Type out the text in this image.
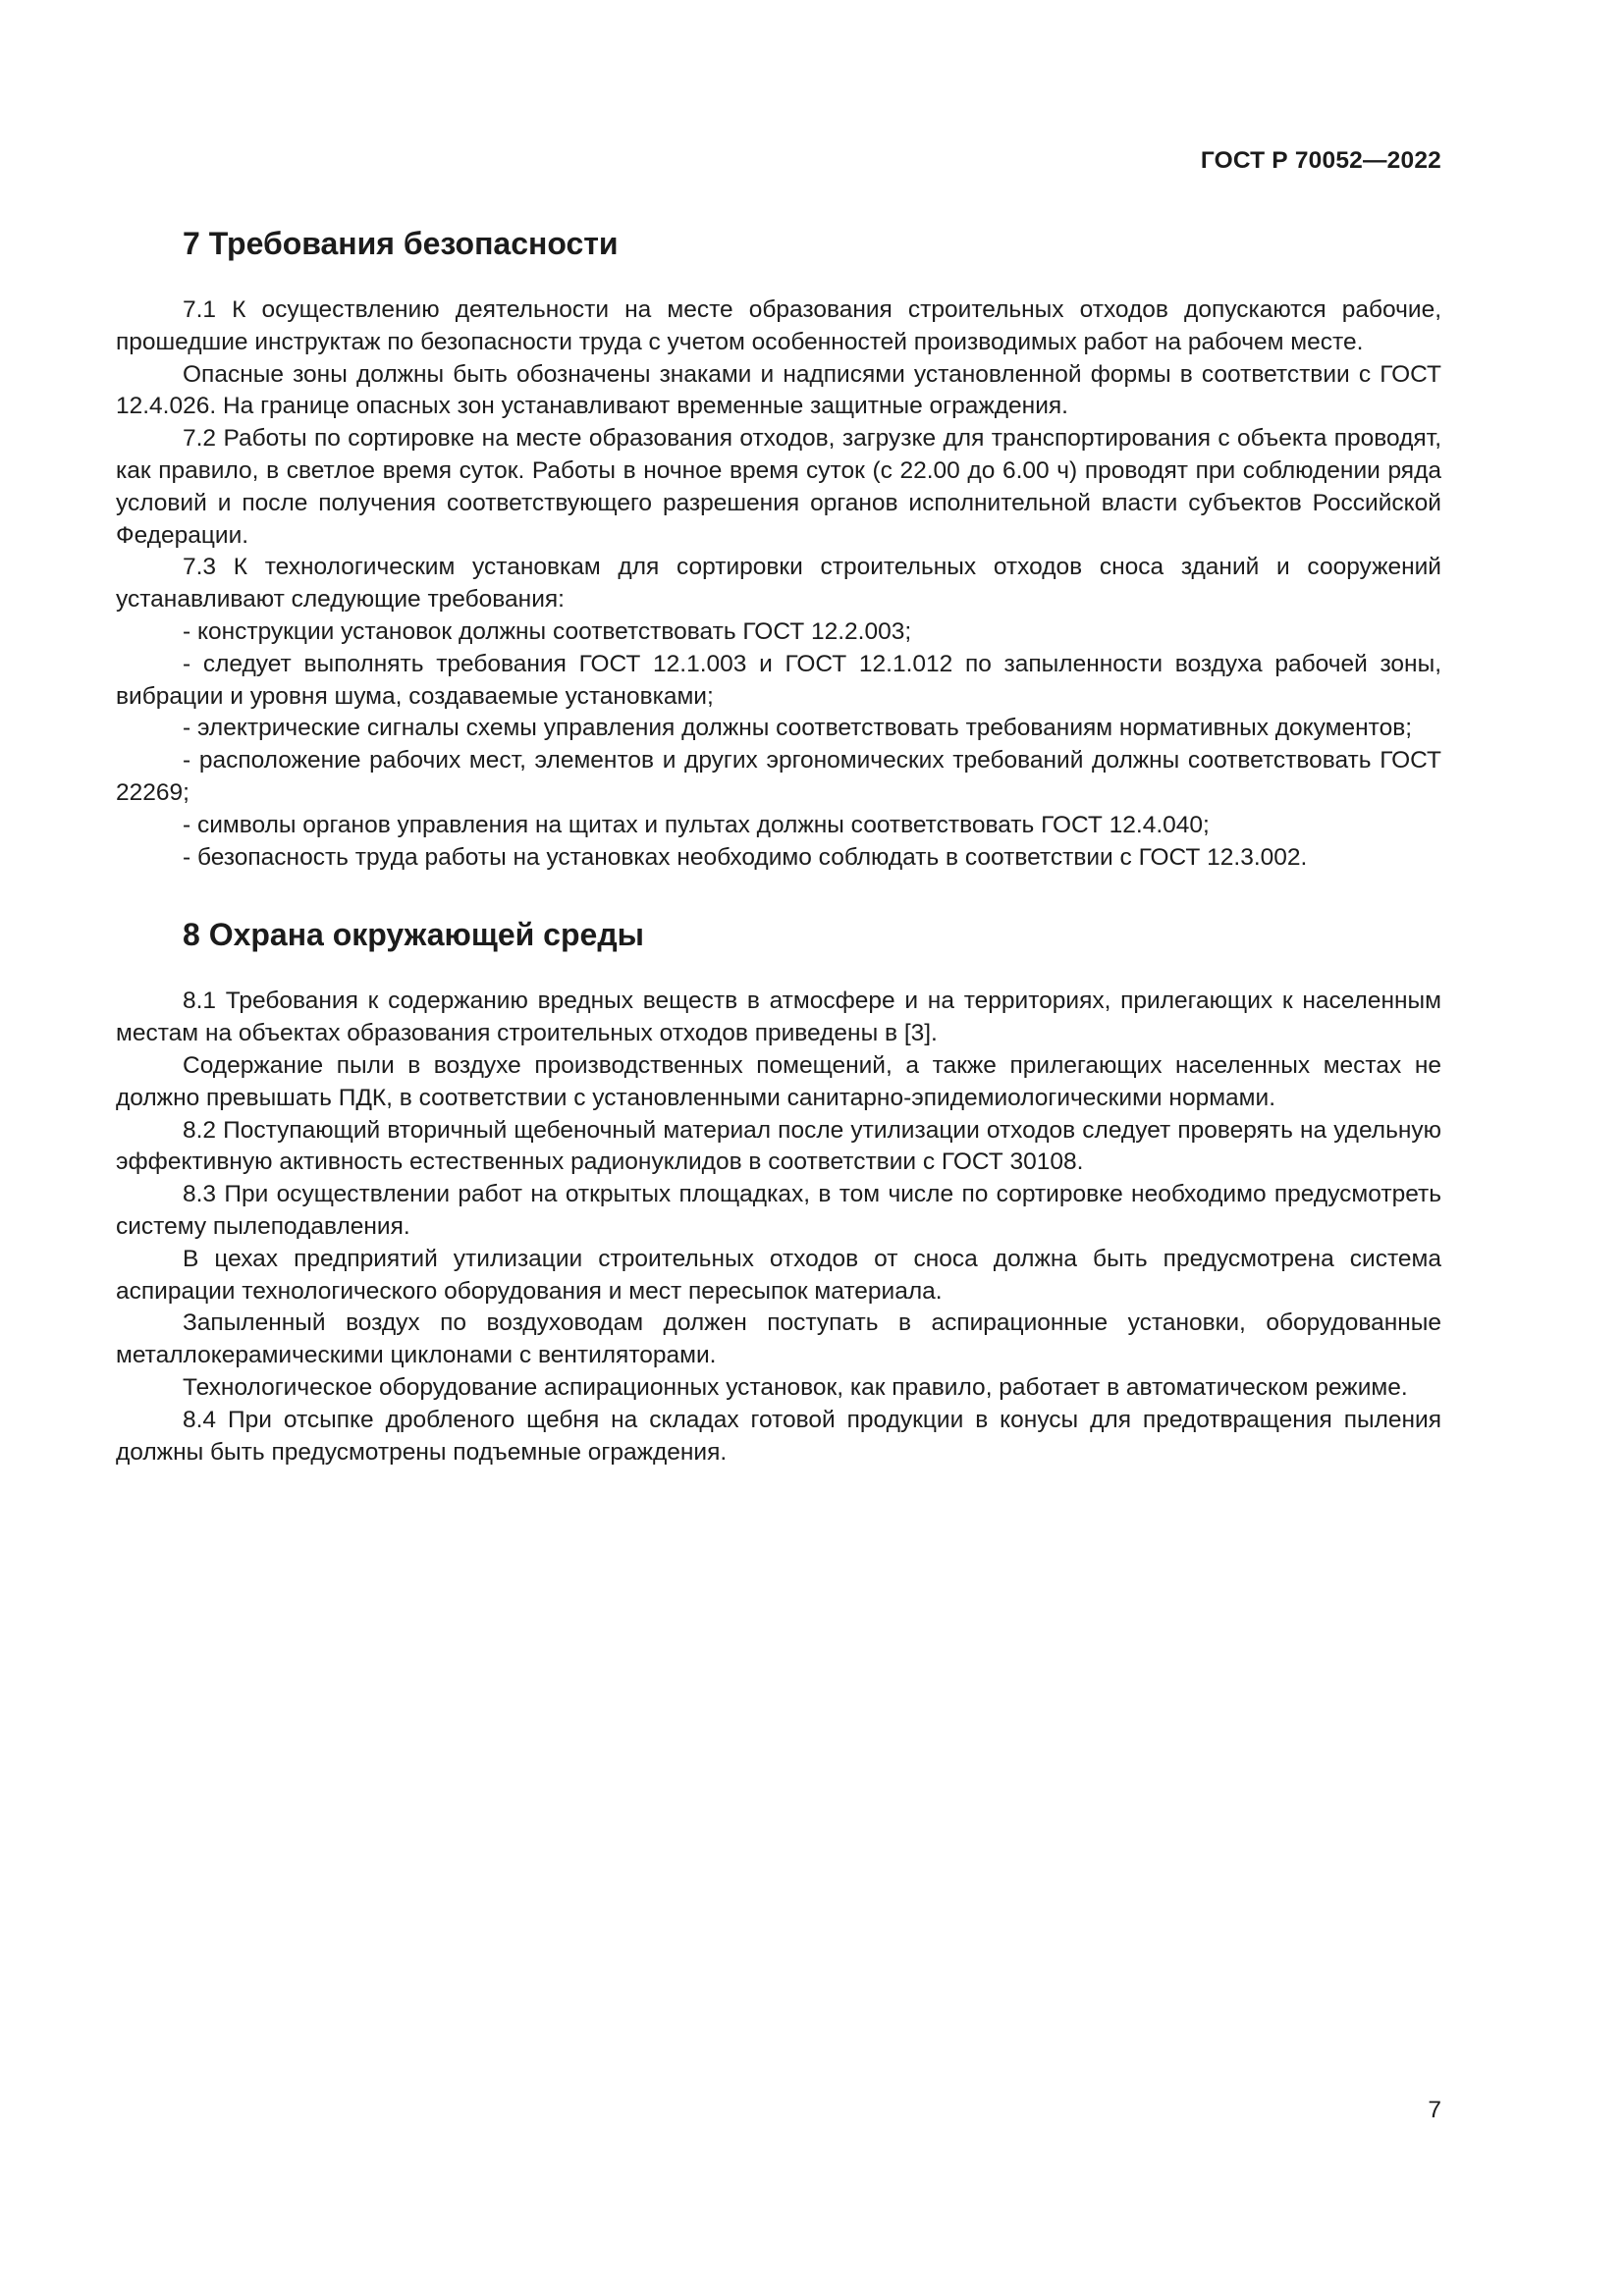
ГОСТ Р 70052—2022
7 Требования безопасности

7.1 К осуществлению деятельности на месте образования строительных отходов допускаются рабочие, прошедшие инструктаж по безопасности труда с учетом особенностей производимых работ на рабочем месте.

Опасные зоны должны быть обозначены знаками и надписями установленной формы в соответствии с ГОСТ 12.4.026. На границе опасных зон устанавливают временные защитные ограждения.

7.2 Работы по сортировке на месте образования отходов, загрузке для транспортирования с объекта проводят, как правило, в светлое время суток. Работы в ночное время суток (с 22.00 до 6.00 ч) проводят при соблюдении ряда условий и после получения соответствующего разрешения органов исполнительной власти субъектов Российской Федерации.

7.3 К технологическим установкам для сортировки строительных отходов сноса зданий и сооружений устанавливают следующие требования:

- конструкции установок должны соответствовать ГОСТ 12.2.003;

- следует выполнять требования ГОСТ 12.1.003 и ГОСТ 12.1.012 по запыленности воздуха рабочей зоны, вибрации и уровня шума, создаваемые установками;

- электрические сигналы схемы управления должны соответствовать требованиям нормативных документов;

- расположение рабочих мест, элементов и других эргономических требований должны соответствовать ГОСТ 22269;

- символы органов управления на щитах и пультах должны соответствовать ГОСТ 12.4.040;

- безопасность труда работы на установках необходимо соблюдать в соответствии с ГОСТ 12.3.002.

8 Охрана окружающей среды

8.1 Требования к содержанию вредных веществ в атмосфере и на территориях, прилегающих к населенным местам на объектах образования строительных отходов приведены в [3].

Содержание пыли в воздухе производственных помещений, а также прилегающих населенных местах не должно превышать ПДК, в соответствии с установленными санитарно-эпидемиологическими нормами.

8.2 Поступающий вторичный щебеночный материал после утилизации отходов следует проверять на удельную эффективную активность естественных радионуклидов в соответствии с ГОСТ 30108.

8.3 При осуществлении работ на открытых площадках, в том числе по сортировке необходимо предусмотреть систему пылеподавления.

В цехах предприятий утилизации строительных отходов от сноса должна быть предусмотрена система аспирации технологического оборудования и мест пересыпок материала.

Запыленный воздух по воздуховодам должен поступать в аспирационные установки, оборудованные металлокерамическими циклонами с вентиляторами.

Технологическое оборудование аспирационных установок, как правило, работает в автоматическом режиме.

8.4 При отсыпке дробленого щебня на складах готовой продукции в конусы для предотвращения пыления должны быть предусмотрены подъемные ограждения.

7
